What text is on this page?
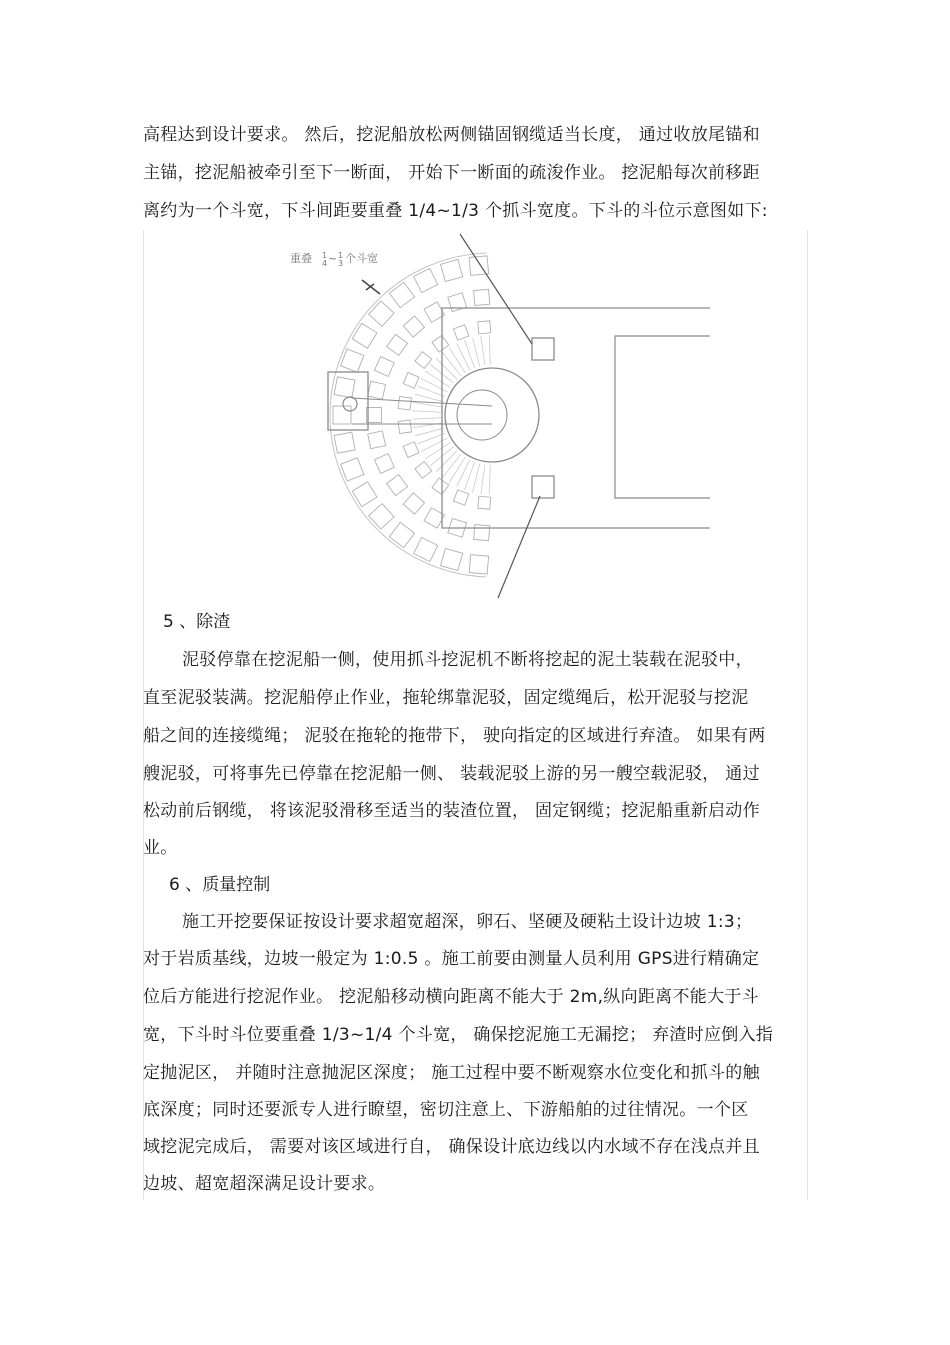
高程达到设计要求。 然后，挖泥船放松两侧锚固钢缆适当长度， 通过收放尾锚和
主锚，挖泥船被牵引至下一断面， 开始下一断面的疏浚作业。 挖泥船每次前移距
离约为一个斗宽，下斗间距要重叠 1/4~1/3 个抓斗宽度。下斗的斗位示意图如下:
重叠 1
4 ~ 1
3 个斗宽
5 、除渣
泥驳停靠在挖泥船一侧，使用抓斗挖泥机不断将挖起的泥土装载在泥驳中，
直至泥驳装满。挖泥船停止作业，拖轮绑靠泥驳，固定缆绳后，松开泥驳与挖泥
船之间的连接缆绳； 泥驳在拖轮的拖带下， 驶向指定的区域进行弃渣。 如果有两
艘泥驳，可将事先已停靠在挖泥船一侧、 装载泥驳上游的另一艘空载泥驳， 通过
松动前后钢缆， 将该泥驳滑移至适当的装渣位置， 固定钢缆；挖泥船重新启动作
业。
6 、质量控制
施工开挖要保证按设计要求超宽超深，卵石、坚硬及硬粘土设计边坡 1:3；
对于岩质基线，边坡一般定为 1:0.5 。施工前要由测量人员利用 GPS进行精确定
位后方能进行挖泥作业。 挖泥船移动横向距离不能大于 2m,纵向距离不能大于斗
宽，下斗时斗位要重叠 1/3~1/4 个斗宽， 确保挖泥施工无漏挖； 弃渣时应倒入指
定抛泥区， 并随时注意抛泥区深度； 施工过程中要不断观察水位变化和抓斗的触
底深度；同时还要派专人进行瞭望，密切注意上、下游船舶的过往情况。一个区
域挖泥完成后， 需要对该区域进行自， 确保设计底边线以内水域不存在浅点并且
边坡、超宽超深满足设计要求。
